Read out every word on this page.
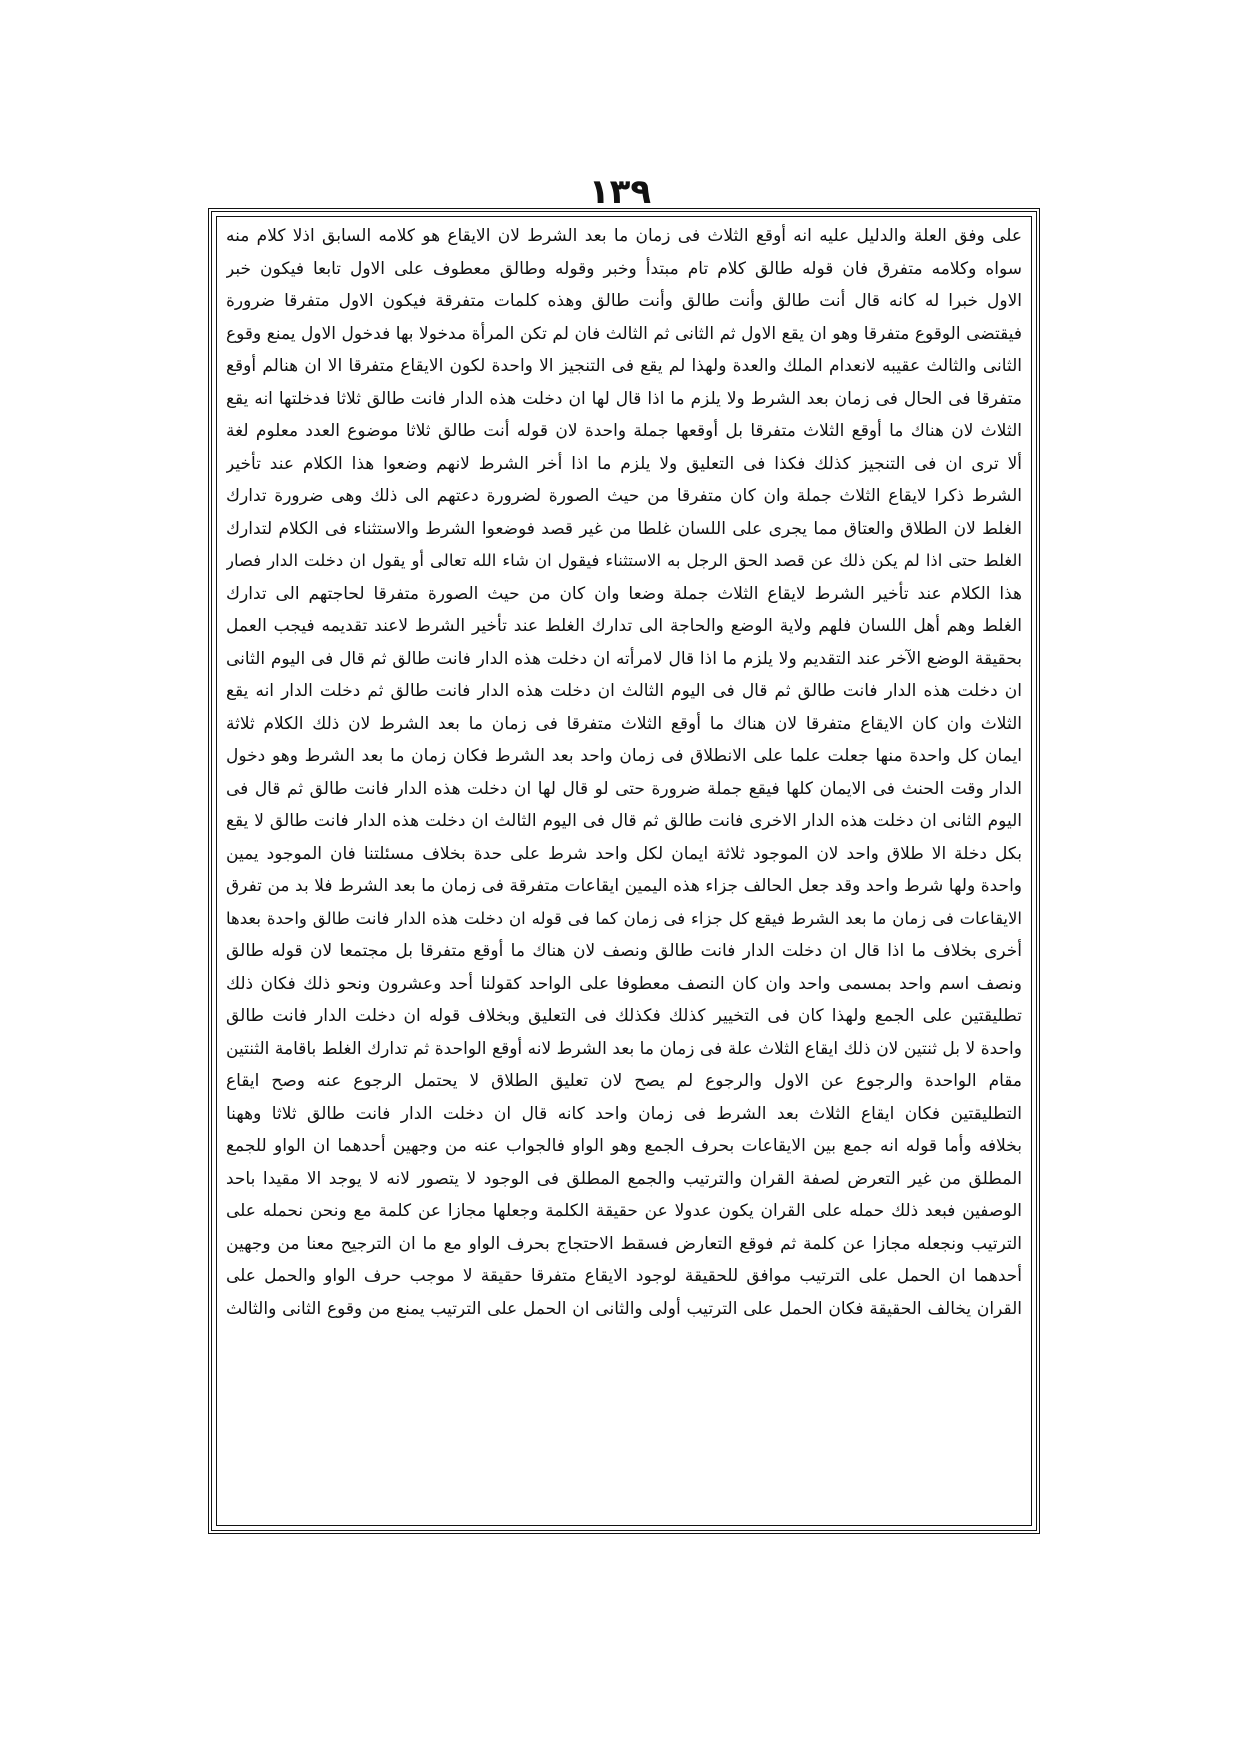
١٣٩
على وفق العلة والدليل عليه انه أوقع الثلاث فى زمان ما بعد الشرط لان الايقاع هو كلامه السابق اذلا كلام منه
سواه وكلامه متفرق فان قوله طالق كلام تام مبتدأ وخبر وقوله وطالق معطوف على الاول تابعا فيكون خبر
الاول خبرا له كانه قال أنت طالق وأنت طالق وأنت طالق وهذه كلمات متفرقة فيكون الاول متفرقا ضرورة
فيقتضى الوقوع متفرقا وهو ان يقع الاول ثم الثانى ثم الثالث فان لم تكن المرأة مدخولا بها فدخول الاول يمنع وقوع
الثانى والثالث عقيبه لانعدام الملك والعدة ولهذا لم يقع فى التنجيز الا واحدة لكون الايقاع متفرقا الا ان هنالم أوقع
متفرقا فى الحال فى زمان بعد الشرط ولا يلزم ما اذا قال لها ان دخلت هذه الدار فانت طالق ثلاثا فدخلتها انه يقع
الثلاث لان هناك ما أوقع الثلاث متفرقا بل أوقعها جملة واحدة لان قوله أنت طالق ثلاثا موضوع العدد معلوم لغة
ألا ترى ان فى التنجيز كذلك فكذا فى التعليق ولا يلزم ما اذا أخر الشرط لانهم وضعوا هذا الكلام عند تأخير
الشرط ذكرا لايقاع الثلاث جملة وان كان متفرقا من حيث الصورة لضرورة دعتهم الى ذلك وهى ضرورة تدارك
الغلط لان الطلاق والعتاق مما يجرى على اللسان غلطا من غير قصد فوضعوا الشرط والاستثناء فى الكلام لتدارك
الغلط حتى اذا لم يكن ذلك عن قصد الحق الرجل به الاستثناء فيقول ان شاء الله تعالى أو يقول ان دخلت الدار فصار
هذا الكلام عند تأخير الشرط لايقاع الثلاث جملة وضعا وان كان من حيث الصورة متفرقا لحاجتهم الى تدارك
الغلط وهم أهل اللسان فلهم ولاية الوضع والحاجة الى تدارك الغلط عند تأخير الشرط لاعند تقديمه فيجب العمل
بحقيقة الوضع الآخر عند التقديم ولا يلزم ما اذا قال لامرأته ان دخلت هذه الدار فانت طالق ثم قال فى اليوم الثانى
ان دخلت هذه الدار فانت طالق ثم قال فى اليوم الثالث ان دخلت هذه الدار فانت طالق ثم دخلت الدار انه يقع
الثلاث وان كان الايقاع متفرقا لان هناك ما أوقع الثلاث متفرقا فى زمان ما بعد الشرط لان ذلك الكلام ثلاثة
ايمان كل واحدة منها جعلت علما على الانطلاق فى زمان واحد بعد الشرط فكان زمان ما بعد الشرط وهو دخول
الدار وقت الحنث فى الايمان كلها فيقع جملة ضرورة حتى لو قال لها ان دخلت هذه الدار فانت طالق ثم قال فى
اليوم الثانى ان دخلت هذه الدار الاخرى فانت طالق ثم قال فى اليوم الثالث ان دخلت هذه الدار فانت طالق لا يقع
بكل دخلة الا طلاق واحد لان الموجود ثلاثة ايمان لكل واحد شرط على حدة بخلاف مسئلتنا فان الموجود يمين
واحدة ولها شرط واحد وقد جعل الحالف جزاء هذه اليمين ايقاعات متفرقة فى زمان ما بعد الشرط فلا بد من تفرق
الايقاعات فى زمان ما بعد الشرط فيقع كل جزاء فى زمان كما فى قوله ان دخلت هذه الدار فانت طالق واحدة بعدها
أخرى بخلاف ما اذا قال ان دخلت الدار فانت طالق ونصف لان هناك ما أوقع متفرقا بل مجتمعا لان قوله طالق
ونصف اسم واحد بمسمى واحد وان كان النصف معطوفا على الواحد كقولنا أحد وعشرون ونحو ذلك فكان ذلك
تطليقتين على الجمع ولهذا كان فى التخيير كذلك فكذلك فى التعليق وبخلاف قوله ان دخلت الدار فانت طالق
واحدة لا بل ثنتين لان ذلك ايقاع الثلاث علة فى زمان ما بعد الشرط لانه أوقع الواحدة ثم تدارك الغلط باقامة الثنتين
مقام الواحدة والرجوع عن الاول والرجوع لم يصح لان تعليق الطلاق لا يحتمل الرجوع عنه وصح ايقاع
التطليقتين فكان ايقاع الثلاث بعد الشرط فى زمان واحد كانه قال ان دخلت الدار فانت طالق ثلاثا وههنا
بخلافه وأما قوله انه جمع بين الايقاعات بحرف الجمع وهو الواو فالجواب عنه من وجهين أحدهما ان الواو للجمع
المطلق من غير التعرض لصفة القران والترتيب والجمع المطلق فى الوجود لا يتصور لانه لا يوجد الا مقيدا باحد
الوصفين فبعد ذلك حمله على القران يكون عدولا عن حقيقة الكلمة وجعلها مجازا عن كلمة مع ونحن نحمله على
الترتيب ونجعله مجازا عن كلمة ثم فوقع التعارض فسقط الاحتجاج بحرف الواو مع ما ان الترجيح معنا من وجهين
أحدهما ان الحمل على الترتيب موافق للحقيقة لوجود الايقاع متفرقا حقيقة لا موجب حرف الواو والحمل على
القران يخالف الحقيقة فكان الحمل على الترتيب أولى والثانى ان الحمل على الترتيب يمنع من وقوع الثانى والثالث
